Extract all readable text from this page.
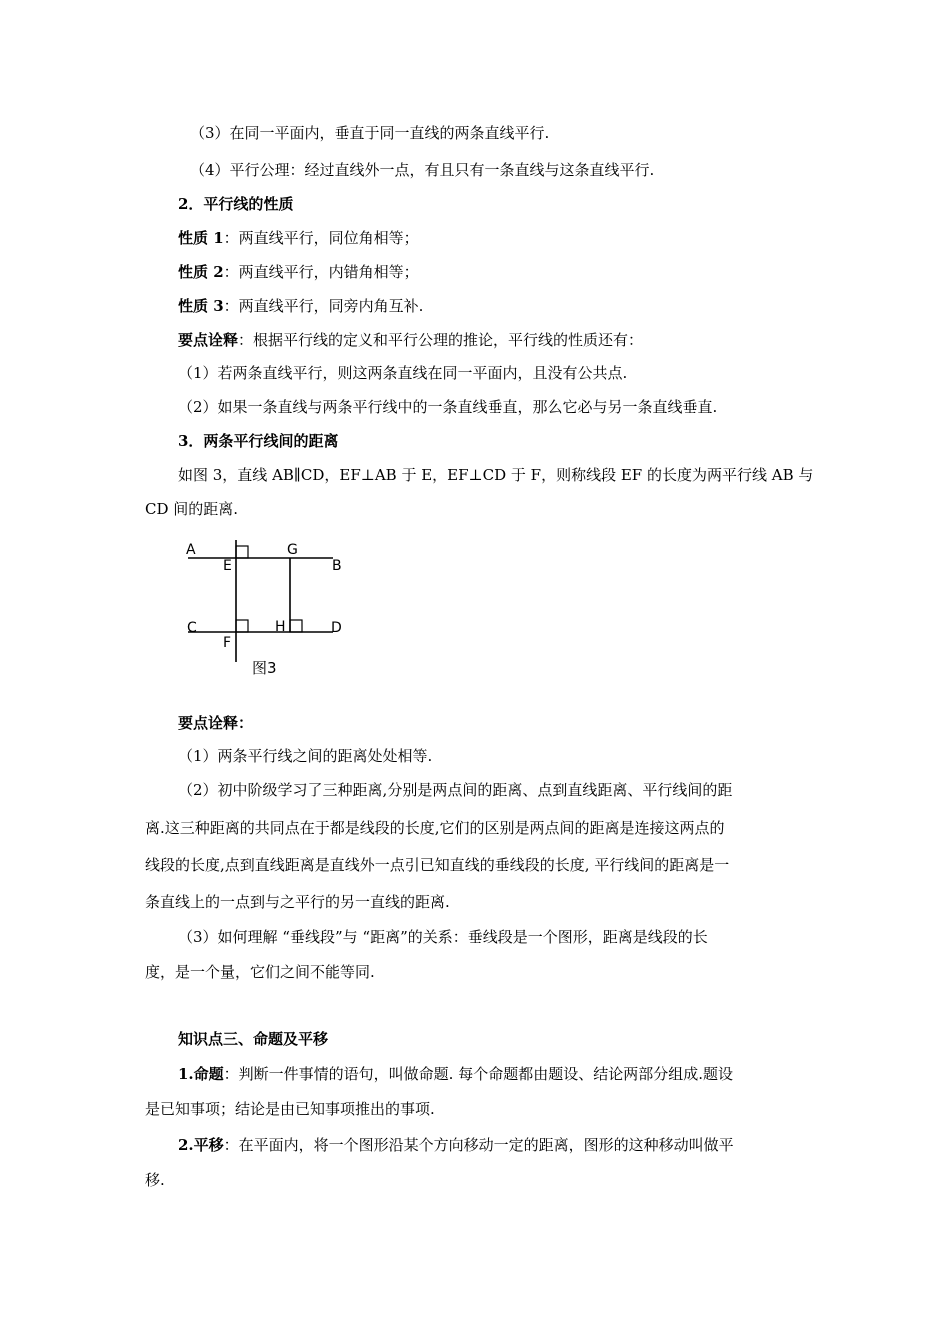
（3）在同一平面内，垂直于同一直线的两条直线平行.
（4）平行公理：经过直线外一点，有且只有一条直线与这条直线平行.
2．平行线的性质
性质 1：两直线平行，同位角相等；
性质 2：两直线平行，内错角相等；
性质 3：两直线平行，同旁内角互补.
要点诠释：根据平行线的定义和平行公理的推论，平行线的性质还有：
（1）若两条直线平行，则这两条直线在同一平面内，且没有公共点.
（2）如果一条直线与两条平行线中的一条直线垂直，那么它必与另一条直线垂直.
3．两条平行线间的距离
如图 3，直线 AB∥CD，EF⊥AB 于 E，EF⊥CD 于 F，则称线段 EF 的长度为两平行线 AB 与
CD 间的距离.
A
E
G
B
C	H	D
F
图3
要点诠释：
（1）两条平行线之间的距离处处相等.
（2）初中阶级学习了三种距离,分别是两点间的距离、点到直线距离、平行线间的距
离.这三种距离的共同点在于都是线段的长度,它们的区别是两点间的距离是连接这两点的
线段的长度,点到直线距离是直线外一点引已知直线的垂线段的长度, 平行线间的距离是一
条直线上的一点到与之平行的另一直线的距离.
（3）如何理解 “垂线段”与 “距离”的关系：垂线段是一个图形，距离是线段的长
度，是一个量，它们之间不能等同.
知识点三、命题及平移
1.命题：判断一件事情的语句，叫做命题. 每个命题都由题设、结论两部分组成.题设
是已知事项；结论是由已知事项推出的事项.
2.平移：在平面内，将一个图形沿某个方向移动一定的距离，图形的这种移动叫做平
移.
